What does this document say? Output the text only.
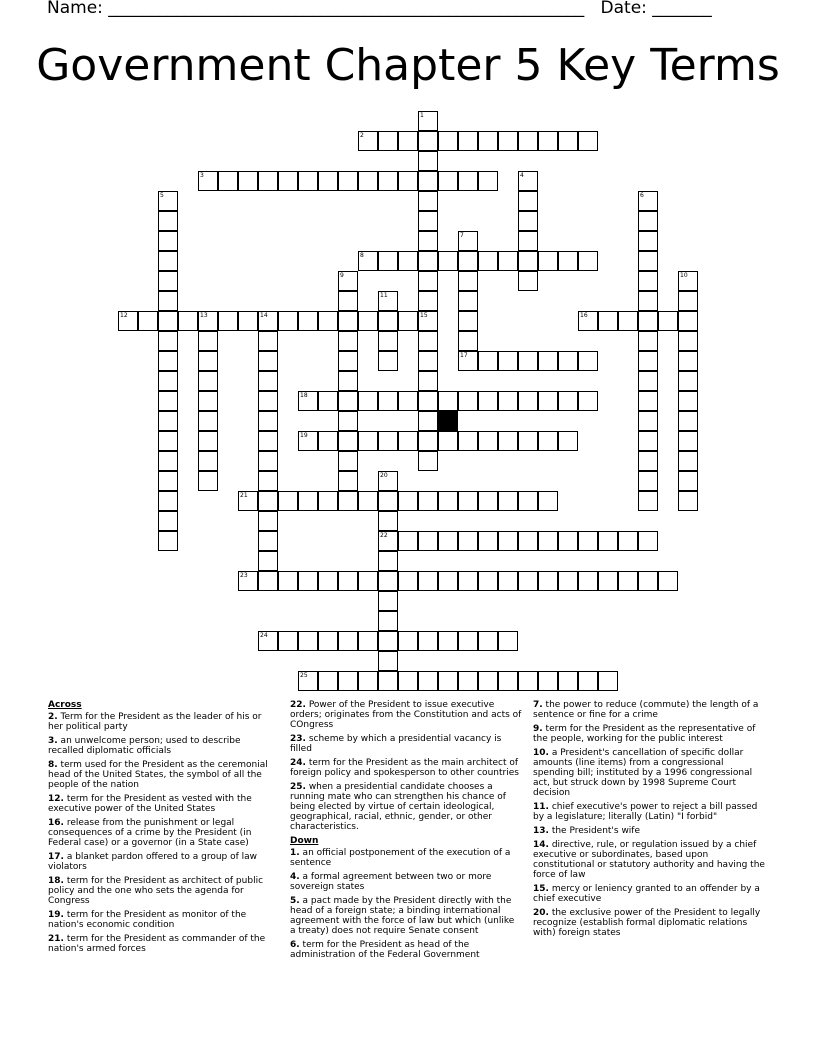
Name: ________________________________________________________ Date: _______
Government Chapter 5 Key Terms
1
15
2
3	4
5	6
7
17
8
9	10
11
12	13	14	16
18
19
20
22
21
23
24
25
Across
2. Term for the President as the leader of his or her political party
3. an unwelcome person; used to describe recalled diplomatic officials
8. term used for the President as the ceremonial head of the United States, the symbol of all the people of the nation
12. term for the President as vested with the executive power of the United States
16. release from the punishment or legal consequences of a crime by the President (in Federal case) or a governor (in a State case)
17. a blanket pardon offered to a group of law violators
18. term for the President as architect of public policy and the one who sets the agenda for Congress
19. term for the President as monitor of the nation's economic condition
21. term for the President as commander of the nation's armed forces
22. Power of the President to issue executive orders; originates from the Constitution and acts of COngress
23. scheme by which a presidential vacancy is filled
24. term for the President as the main architect of foreign policy and spokesperson to other countries
25. when a presidential candidate chooses a running mate who can strengthen his chance of being elected by virtue of certain ideological, geographical, racial, ethnic, gender, or other characteristics.
Down
1. an official postponement of the execution of a sentence
4. a formal agreement between two or more sovereign states
5. a pact made by the President directly with the head of a foreign state; a binding international agreement with the force of law but which (unlike a treaty) does not require Senate consent
6. term for the President as head of the administration of the Federal Government
7. the power to reduce (commute) the length of a sentence or fine for a crime
9. term for the President as the representative of the people, working for the public interest
10. a President's cancellation of specific dollar amounts (line items) from a congressional spending bill; instituted by a 1996 congressional act, but struck down by 1998 Supreme Court decision
11. chief executive's power to reject a bill passed by a legislature; literally (Latin) "I forbid"
13. the President's wife
14. directive, rule, or regulation issued by a chief executive or subordinates, based upon constitutional or statutory authority and having the force of law
15. mercy or leniency granted to an offender by a chief executive
20. the exclusive power of the President to legally recognize (establish formal diplomatic relations with) foreign states
